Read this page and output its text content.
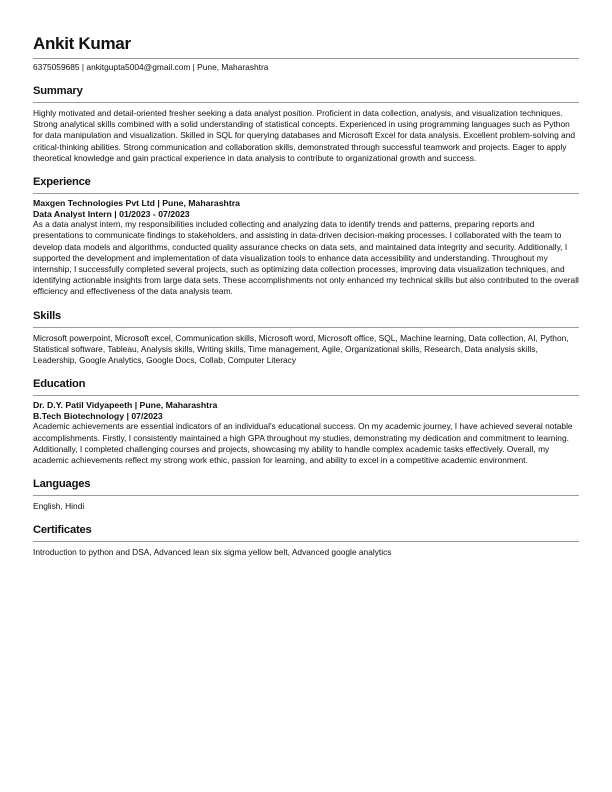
Ankit Kumar
6375059685 | ankitgupta5004@gmail.com | Pune, Maharashtra
Summary
Highly motivated and detail-oriented fresher seeking a data analyst position. Proficient in data collection, analysis, and visualization techniques. Strong analytical skills combined with a solid understanding of statistical concepts. Experienced in using programming languages such as Python for data manipulation and visualization. Skilled in SQL for querying databases and Microsoft Excel for data analysis. Excellent problem-solving and critical-thinking abilities. Strong communication and collaboration skills, demonstrated through successful teamwork and projects. Eager to apply theoretical knowledge and gain practical experience in data analysis to contribute to organizational growth and success.
Experience
Maxgen Technologies Pvt Ltd | Pune, Maharashtra
Data Analyst Intern | 01/2023 - 07/2023
As a data analyst intern, my responsibilities included collecting and analyzing data to identify trends and patterns, preparing reports and presentations to communicate findings to stakeholders, and assisting in data-driven decision-making processes. I collaborated with the team to develop data models and algorithms, conducted quality assurance checks on data sets, and maintained data integrity and security. Additionally, I supported the development and implementation of data visualization tools to enhance data accessibility and understanding. Throughout my internship, I successfully completed several projects, such as optimizing data collection processes, improving data visualization techniques, and identifying actionable insights from large data sets. These accomplishments not only enhanced my technical skills but also contributed to the overall efficiency and effectiveness of the data analysis team.
Skills
Microsoft powerpoint, Microsoft excel, Communication skills, Microsoft word, Microsoft office, SQL, Machine learning, Data collection, AI, Python, Statistical software, Tableau, Analysis skills, Writing skills, Time management, Agile, Organizational skills, Research, Data analysis skills, Leadership, Google Analytics, Google Docs, Collab, Computer Literacy
Education
Dr. D.Y. Patil Vidyapeeth | Pune, Maharashtra
B.Tech Biotechnology | 07/2023
Academic achievements are essential indicators of an individual's educational success. On my academic journey, I have achieved several notable accomplishments. Firstly, I consistently maintained a high GPA throughout my studies, demonstrating my dedication and commitment to learning. Additionally, I completed challenging courses and projects, showcasing my ability to handle complex academic tasks effectively. Overall, my academic achievements reflect my strong work ethic, passion for learning, and ability to excel in a competitive academic environment.
Languages
English, Hindi
Certificates
Introduction to python and DSA, Advanced lean six sigma yellow belt, Advanced google analytics
